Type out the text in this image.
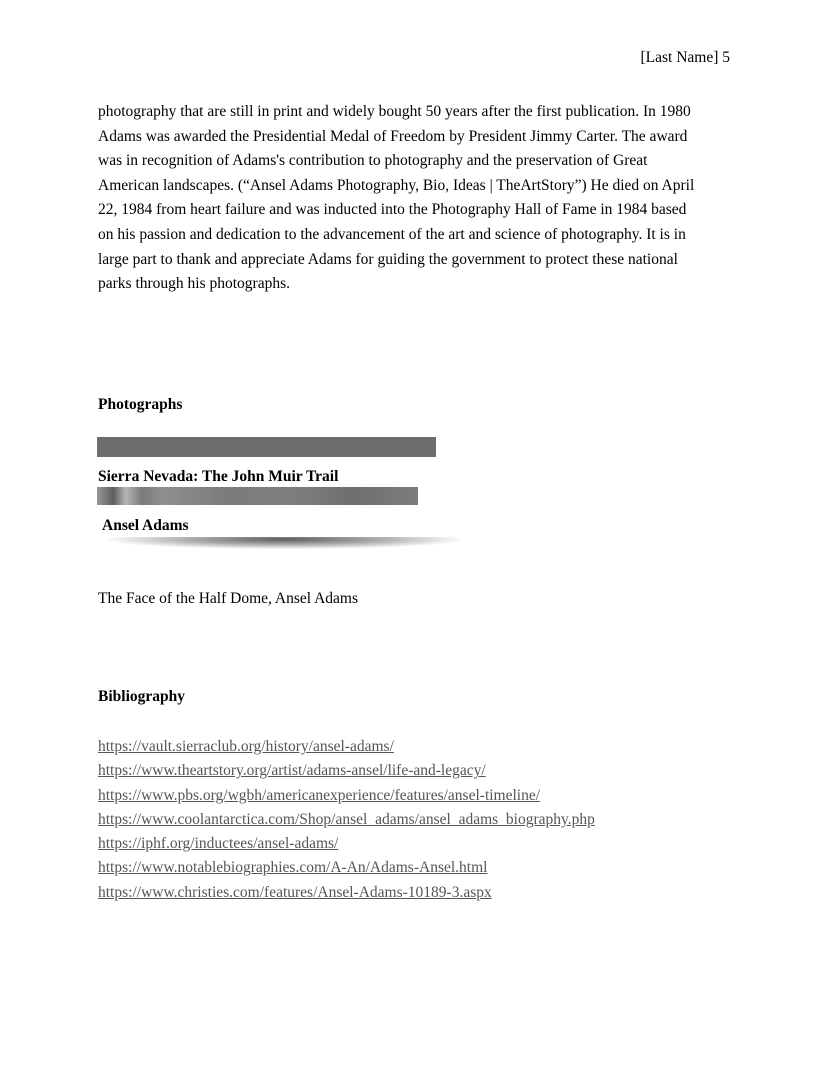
[Last Name] 5

photography that are still in print and widely bought 50 years after the first publication. In 1980
Adams was awarded the Presidential Medal of Freedom by President Jimmy Carter. The award
was in recognition of Adams's contribution to photography and the preservation of Great
American landscapes. (“Ansel Adams Photography, Bio, Ideas | TheArtStory”) He died on April
22, 1984 from heart failure and was inducted into the Photography Hall of Fame in 1984 based
on his passion and dedication to the advancement of the art and science of photography. It is in
large part to thank and appreciate Adams for guiding the government to protect these national
parks through his photographs.

Photographs
Sierra Nevada: The John Muir Trail
Ansel Adams
The Face of the Half Dome, Ansel Adams
Bibliography
https://vault.sierraclub.org/history/ansel-adams/
https://www.theartstory.org/artist/adams-ansel/life-and-legacy/
https://www.pbs.org/wgbh/americanexperience/features/ansel-timeline/
https://www.coolantarctica.com/Shop/ansel_adams/ansel_adams_biography.php
https://iphf.org/inductees/ansel-adams/
https://www.notablebiographies.com/A-An/Adams-Ansel.html
https://www.christies.com/features/Ansel-Adams-10189-3.aspx
